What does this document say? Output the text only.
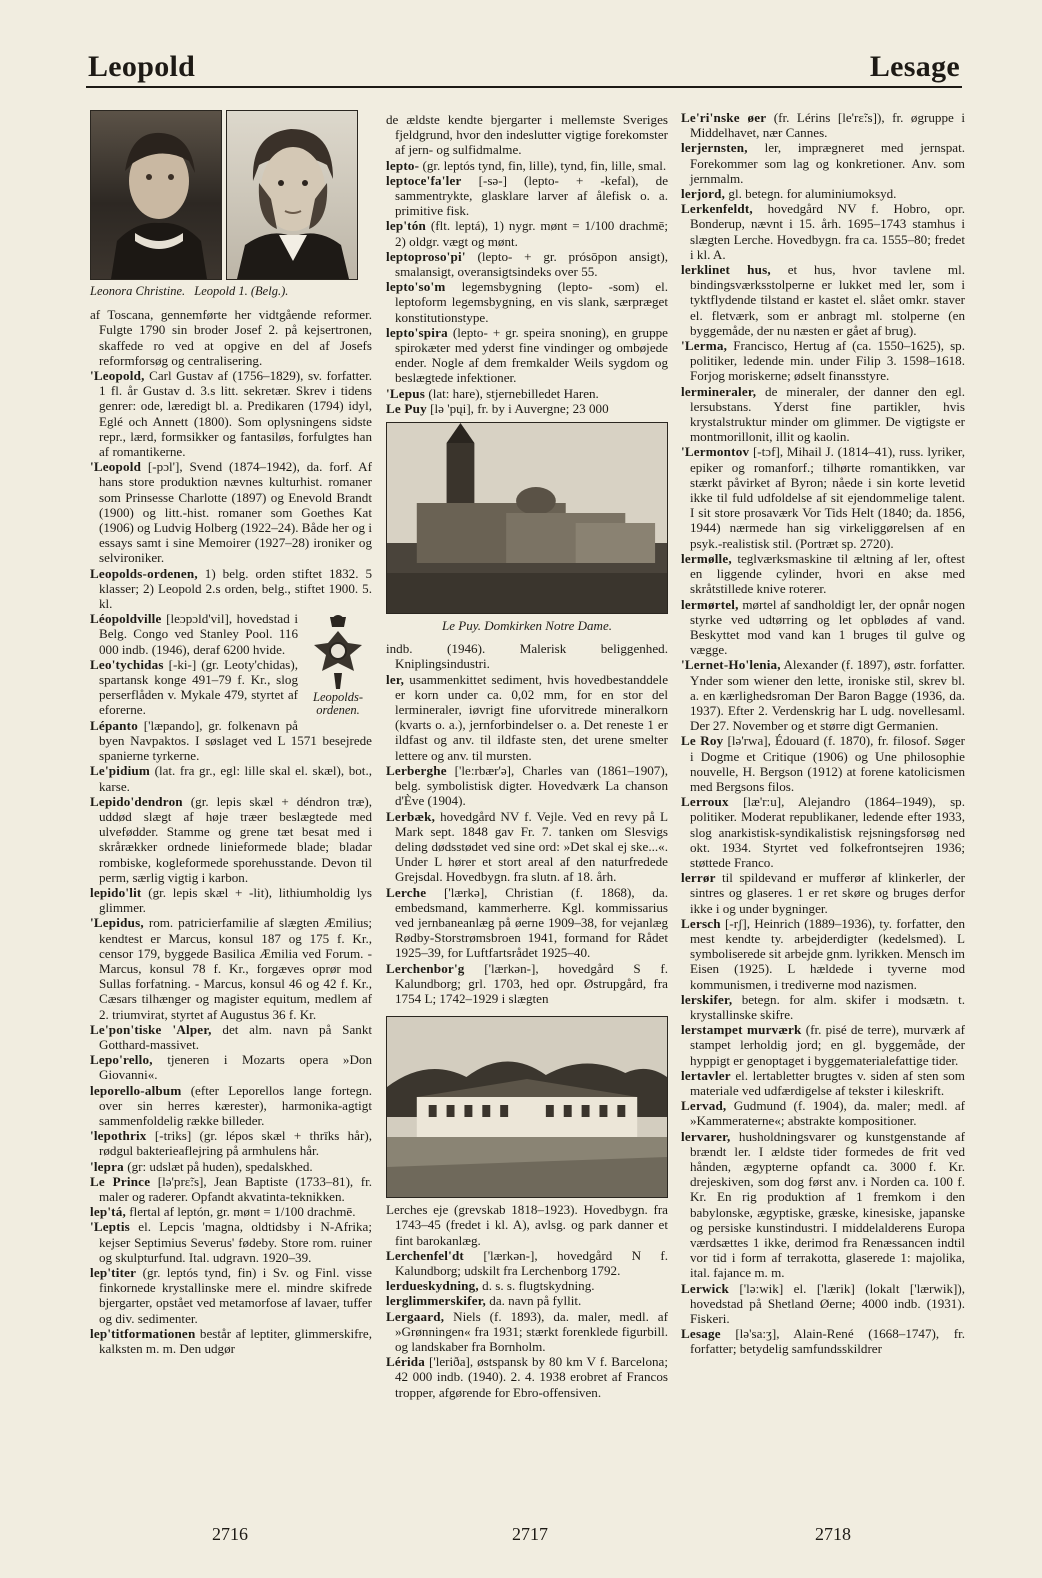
Leopold	Lesage
Leonora Christine. Leopold 1. (Belg.).

af Toscana, gennemførte her vidtgående reformer. Fulgte 1790 sin broder Josef 2. på kejsertronen, skaffede ro ved at opgive en del af Josefs reformforsøg og centralisering.

'Leopold, Carl Gustav af (1756–1829), sv. forfatter. 1 fl. år Gustav d. 3.s litt. sekretær. Skrev i tidens genrer: ode, læredigt bl. a. Predikaren (1794) idyl, Eglé och Annett (1800). Som oplysningens sidste repr., lærd, formsikker og fantasiløs, forfulgtes han af romantikerne.

'Leopold [-pɔl'], Svend (1874–1942), da. forf. Af hans store produktion nævnes kulturhist. romaner som Prinsesse Charlotte (1897) og Enevold Brandt (1900) og litt.-hist. romaner som Goethes Kat (1906) og Ludvig Holberg (1922–24). Både her og i essays samt i sine Memoirer (1927–28) ironiker og selvironiker.

Leopolds-ordenen, 1) belg. orden stiftet 1832. 5 klasser; 2) Leopold 2.s orden, belg., stiftet 1900. 5. kl.

Leopolds-ordenen.

Léopoldville [leɔpɔld'vil], hovedstad i Belg. Congo ved Stanley Pool. 116 000 indb. (1946), deraf 6200 hvide.

Leo'tychidas [-ki-] (gr. Leoty'chidas), spartansk konge 491–79 f. Kr., slog perserflåden v. Mykale 479, styrtet af eforerne.

Lépanto ['læpando], gr. folkenavn på byen Navpaktos. I søslaget ved L 1571 besejrede spanierne tyrkerne.

Le'pidium (lat. fra gr., egl: lille skal el. skæl), bot., karse.

Lepido'dendron (gr. lepis skæl + déndron træ), uddød slægt af høje træer beslægtede med ulvefødder. Stamme og grene tæt besat med i skrårækker ordnede linieformede blade; bladar rombiske, kogleformede sporehusstande. Devon til perm, særlig vigtig i karbon.

lepido'lit (gr. lepis skæl + -lit), lithiumholdig lys glimmer.

'Lepidus, rom. patricierfamilie af slægten Æmilius; kendtest er Marcus, konsul 187 og 175 f. Kr., censor 179, byggede Basilica Æmilia ved Forum. - Marcus, konsul 78 f. Kr., forgæves oprør mod Sullas forfatning. - Marcus, konsul 46 og 42 f. Kr., Cæsars tilhænger og magister equitum, medlem af 2. triumvirat, styrtet af Augustus 36 f. Kr.

Le'pon'tiske 'Alper, det alm. navn på Sankt Gotthard-massivet.

Lepo'rello, tjeneren i Mozarts opera »Don Giovanni«.

leporello-album (efter Leporellos lange fortegn. over sin herres kærester), harmonika-agtigt sammenfoldelig række billeder.

'lepothrix [-triks] (gr. lépos skæl + thrīks hår), rødgul bakterieaflejring på armhulens hår.

'lepra (gr: udslæt på huden), spedalskhed.

Le Prince [lə'prɛ̃:s], Jean Baptiste (1733–81), fr. maler og raderer. Opfandt akvatinta-teknikken.

lep'tá, flertal af leptón, gr. mønt = 1/100 drachmē.

'Leptis el. Lepcis 'magna, oldtidsby i N-Afrika; kejser Septimius Severus' fødeby. Store rom. ruiner og skulpturfund. Ital. udgravn. 1920–39.

lep'titer (gr. leptós tynd, fin) i Sv. og Finl. visse finkornede krystallinske mere el. mindre skifrede bjergarter, opstået ved metamorfose af lavaer, tuffer og div. sedimenter.

lep'titformationen består af leptiter, glimmerskifre, kalksten m. m. Den udgør

de ældste kendte bjergarter i mellemste Sveriges fjeldgrund, hvor den indeslutter vigtige forekomster af jern- og sulfidmalme.

lepto- (gr. leptós tynd, fin, lille), tynd, fin, lille, smal.

leptoce'fa'ler [-sə-] (lepto- + -kefal), de sammentrykte, glasklare larver af ålefisk o. a. primitive fisk.

lep'tón (flt. leptá), 1) nygr. mønt = 1/100 drachmē; 2) oldgr. vægt og mønt.

leptoproso'pi' (lepto- + gr. prósōpon ansigt), smalansigt, overansigtsindeks over 55.

lepto'so'm legemsbygning (lepto- -som) el. leptoform legemsbygning, en vis slank, særpræget konstitutionstype.

lepto'spira (lepto- + gr. speira snoning), en gruppe spirokæter med yderst fine vindinger og ombøjede ender. Nogle af dem fremkalder Weils sygdom og beslægtede infektioner.

'Lepus (lat: hare), stjernebilledet Haren.

Le Puy [lə 'pųi], fr. by i Auvergne; 23 000

Le Puy. Domkirken Notre Dame.

indb. (1946). Malerisk beliggenhed. Kniplingsindustri.

ler, usammenkittet sediment, hvis hovedbestanddele er korn under ca. 0,02 mm, for en stor del lermineraler, iøvrigt fine uforvitrede mineralkorn (kvarts o. a.), jernforbindelser o. a. Det reneste 1 er ildfast og anv. til ildfaste sten, det urene smelter lettere og anv. til mursten.

Lerberghe ['le:rbær'ə], Charles van (1861–1907), belg. symbolistisk digter. Hovedværk La chanson d'Ève (1904).

Lerbæk, hovedgård NV f. Vejle. Ved en revy på L Mark sept. 1848 gav Fr. 7. tanken om Slesvigs deling dødsstødet ved sine ord: »Det skal ej ske...«. Under L hører et stort areal af den naturfredede Grejsdal. Hovedbygn. fra slutn. af 18. årh.

Lerche ['lærkə], Christian (f. 1868), da. embedsmand, kammerherre. Kgl. kommissarius ved jernbaneanlæg på øerne 1909–38, for vejanlæg Rødby-Storstrømsbroen 1941, formand for Rådet 1925–39, for Luftfartsrådet 1925–40.

Lerchenbor'g ['lærkən-], hovedgård S f. Kalundborg; grl. 1703, hed opr. Østrupgård, fra 1754 L; 1742–1929 i slægten

Lerches eje (grevskab 1818–1923). Hovedbygn. fra 1743–45 (fredet i kl. A), avlsg. og park danner et fint barokanlæg.

Lerchenfel'dt ['lærkən-], hovedgård N f. Kalundborg; udskilt fra Lerchenborg 1792.

lerdueskydning, d. s. s. flugtskydning.

lerglimmerskifer, da. navn på fyllit.

Lergaard, Niels (f. 1893), da. maler, medl. af »Grønningen« fra 1931; stærkt forenklede figurbill. og landskaber fra Bornholm.

Lérida ['leriða], østspansk by 80 km V f. Barcelona; 42 000 indb. (1940). 2. 4. 1938 erobret af Francos tropper, afgørende for Ebro-offensiven.

Le'ri'nske øer (fr. Lérins [le'rɛ̃:s]), fr. øgruppe i Middelhavet, nær Cannes.

lerjernsten, ler, imprægneret med jernspat. Forekommer som lag og konkretioner. Anv. som jernmalm.

lerjord, gl. betegn. for aluminiumoksyd.

Lerkenfeldt, hovedgård NV f. Hobro, opr. Bonderup, nævnt i 15. årh. 1695–1743 stamhus i slægten Lerche. Hovedbygn. fra ca. 1555–80; fredet i kl. A.

lerklinet hus, et hus, hvor tavlene ml. bindingsværksstolperne er lukket med ler, som i tyktflydende tilstand er kastet el. slået omkr. staver el. fletværk, som er anbragt ml. stolperne (en byggemåde, der nu næsten er gået af brug).

'Lerma, Francisco, Hertug af (ca. 1550–1625), sp. politiker, ledende min. under Filip 3. 1598–1618. Forjog moriskerne; ødselt finansstyre.

lermineraler, de mineraler, der danner den egl. lersubstans. Yderst fine partikler, hvis krystalstruktur minder om glimmer. De vigtigste er montmorillonit, illit og kaolin.

'Lermontov [-tɔf], Mihail J. (1814–41), russ. lyriker, epiker og romanforf.; tilhørte romantikken, var stærkt påvirket af Byron; nåede i sin korte levetid ikke til fuld udfoldelse af sit ejendommelige talent. I sit store prosaværk Vor Tids Helt (1840; da. 1856, 1944) nærmede han sig virkeliggørelsen af en psyk.-realistisk stil. (Portræt sp. 2720).

lermølle, teglværksmaskine til æltning af ler, oftest en liggende cylinder, hvori en akse med skråtstillede knive roterer.

lermørtel, mørtel af sandholdigt ler, der opnår nogen styrke ved udtørring og let opblødes af vand. Beskyttet mod vand kan 1 bruges til gulve og vægge.

'Lernet-Ho'lenia, Alexander (f. 1897), østr. forfatter. Ynder som wiener den lette, ironiske stil, skrev bl. a. en kærlighedsroman Der Baron Bagge (1936, da. 1937). Efter 2. Verdenskrig har L udg. novellesaml. Der 27. November og et større digt Germanien.

Le Roy [lə'rwa], Édouard (f. 1870), fr. filosof. Søger i Dogme et Critique (1906) og Une philosophie nouvelle, H. Bergson (1912) at forene katolicismen med Bergsons filos.

Lerroux [læ'r:u], Alejandro (1864–1949), sp. politiker. Moderat republikaner, ledende efter 1933, slog anarkistisk-syndikalistisk rejsningsforsøg ned okt. 1934. Styrtet ved folkefrontsejren 1936; støttede Franco.

lerrør til spildevand er mufferør af klinkerler, der sintres og glaseres. 1 er ret skøre og bruges derfor ikke i og under bygninger.

Lersch [-rʃ], Heinrich (1889–1936), ty. forfatter, den mest kendte ty. arbejderdigter (kedelsmed). L symboliserede sit arbejde gnm. lyrikken. Mensch im Eisen (1925). L hældede i tyverne mod kommunismen, i trediverne mod nazismen.

lerskifer, betegn. for alm. skifer i modsætn. t. krystallinske skifre.

lerstampet murværk (fr. pisé de terre), murværk af stampet lerholdig jord; en gl. byggemåde, der hyppigt er genoptaget i byggematerialefattige tider.

lertavler el. lertabletter brugtes v. siden af sten som materiale ved udfærdigelse af tekster i kileskrift.

Lervad, Gudmund (f. 1904), da. maler; medl. af »Kammeraterne«; abstrakte kompositioner.

lervarer, husholdningsvarer og kunstgenstande af brændt ler. I ældste tider formedes de frit ved hånden, ægypterne opfandt ca. 3000 f. Kr. drejeskiven, som dog først anv. i Norden ca. 100 f. Kr. En rig produktion af 1 fremkom i den babylonske, ægyptiske, græske, kinesiske, japanske og persiske kunstindustri. I middelalderens Europa værdsættes 1 ikke, derimod fra Renæssancen indtil vor tid i form af terrakotta, glaserede 1: majolika, ital. fajance m. m.

Lerwick ['lə:wik] el. ['lærik] (lokalt ['lærwik]), hovedstad på Shetland Øerne; 4000 indb. (1931). Fiskeri.

Lesage [lə'sa:ʒ], Alain-René (1668–1747), fr. forfatter; betydelig samfundsskildrer

2716	2717	2718
